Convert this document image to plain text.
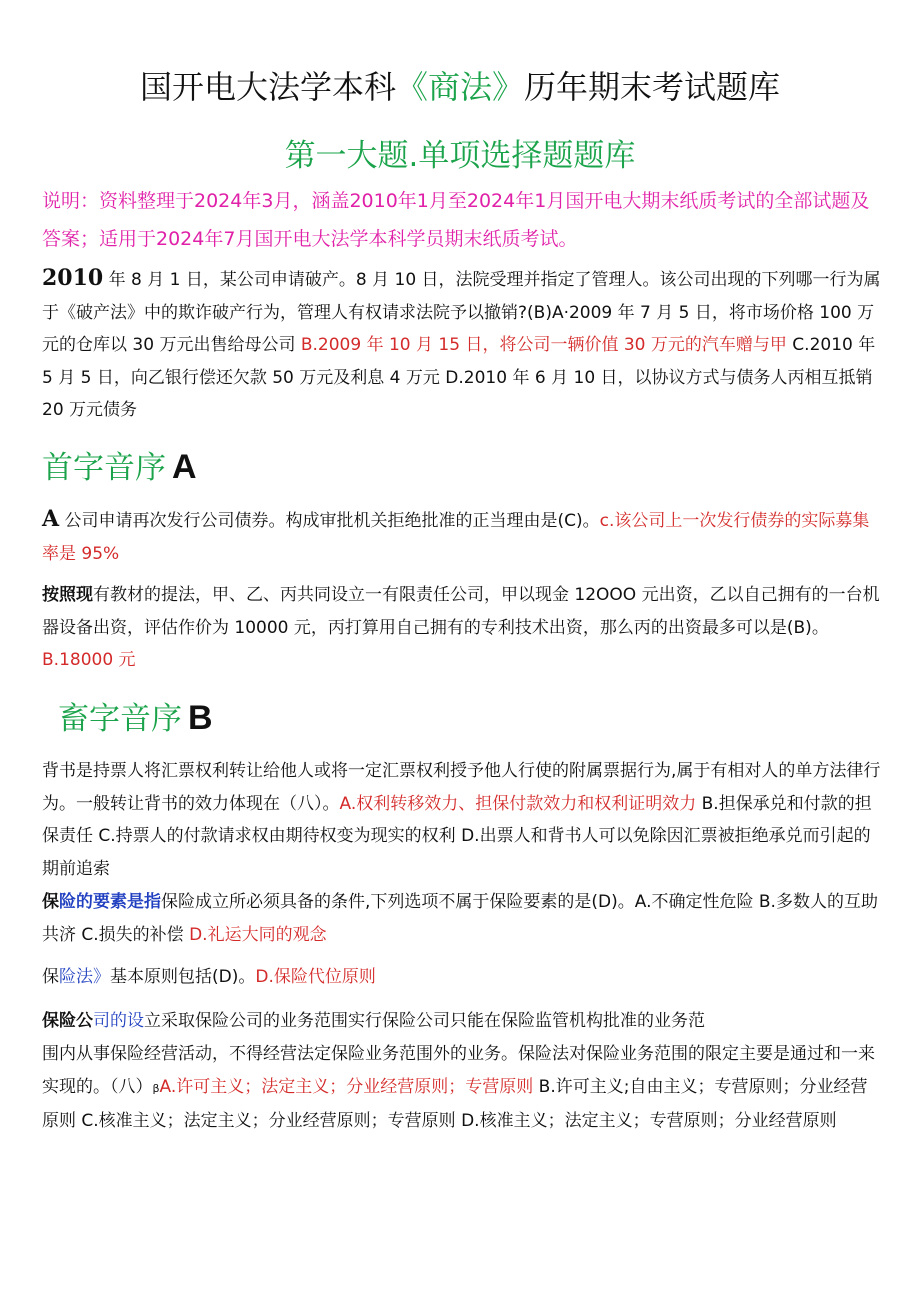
国开电大法学本科《商法》历年期末考试题库
第一大题.单项选择题题库
说明：资料整理于2024年3月，涵盖2010年1月至2024年1月国开电大期末纸质考试的全部试题及答案；适用于2024年7月国开电大法学本科学员期末纸质考试。
2010 年 8 月 1 日，某公司申请破产。8 月 10 日，法院受理并指定了管理人。该公司出现的下列哪一行为属于《破产法》中的欺诈破产行为，管理人有权请求法院予以撤销?(B)A·2009 年 7 月 5 日，将市场价格 100 万元的仓库以 30 万元出售给母公司 B.2009 年 10 月 15 日，将公司一辆价值 30 万元的汽车赠与甲 C.2010 年 5 月 5 日，向乙银行偿还欠款 50 万元及利息 4 万元 D.2010 年 6 月 10 日，以协议方式与债务人丙相互抵销 20 万元债务
首字音序 A
A 公司申请再次发行公司债券。构成审批机关拒绝批准的正当理由是(C)。c.该公司上一次发行债券的实际募集率是 95%
按照现有教材的提法，甲、乙、丙共同设立一有限责任公司，甲以现金 12OOO 元出资，乙以自己拥有的一台机器设备出资，评估作价为 10000 元，丙打算用自己拥有的专利技术出资，那么丙的出资最多可以是(B)。B.18000 元
畜字音序 B
背书是持票人将汇票权利转让给他人或将一定汇票权利授予他人行使的附属票据行为,属于有相对人的单方法律行为。一般转让背书的效力体现在（八）。A.权利转移效力、担保付款效力和权利证明效力 B.担保承兑和付款的担保责任 C.持票人的付款请求权由期待权变为现实的权利 D.出票人和背书人可以免除因汇票被拒绝承兑而引起的期前追索
保险的要素是指保险成立所必须具备的条件,下列选项不属于保险要素的是(D)。A.不确定性危险 B.多数人的互助共济 C.损失的补偿 D.礼运大同的观念
保险法》基本原则包括(D)。D.保险代位原则
保险公司的设立采取保险公司的业务范围实行保险公司只能在保险监管机构批准的业务范
围内从事保险经营活动，不得经营法定保险业务范围外的业务。保险法对保险业务范围的限定主要是通过和一来实现的。（八）βA.许可主义；法定主义；分业经营原则；专营原则 B.许可主义;自由主义；专营原则；分业经营原则 C.核准主义；法定主义；分业经营原则；专营原则 D.核准主义；法定主义；专营原则；分业经营原则
